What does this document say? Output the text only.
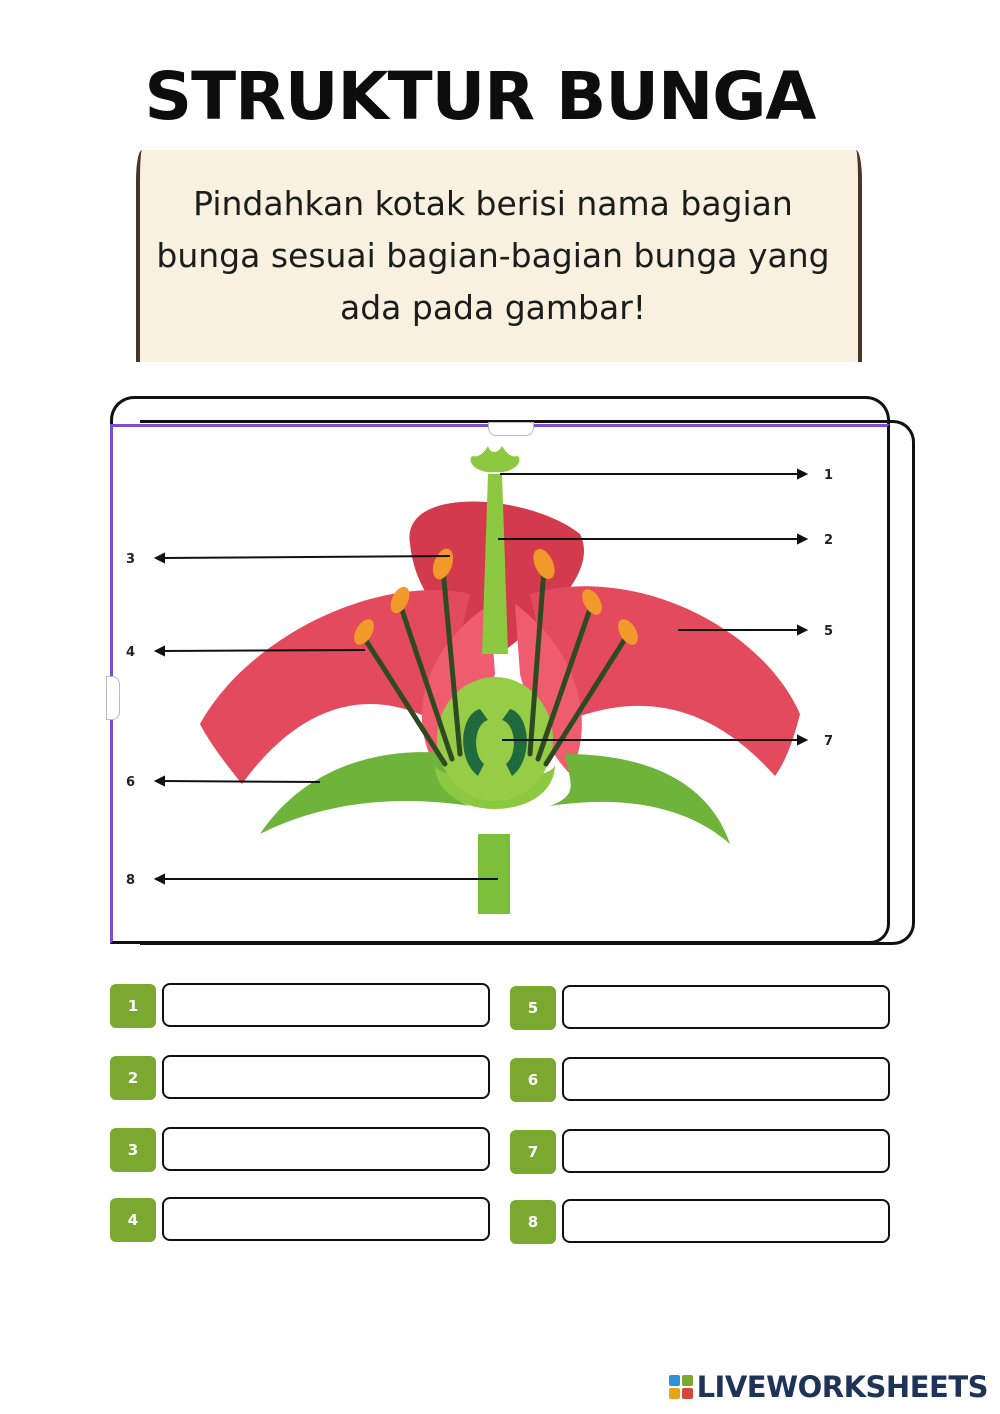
STRUKTUR BUNGA
Pindahkan kotak berisi nama bagian bunga sesuai bagian-bagian bunga yang ada pada gambar!
1
2
3
4
5
6
7
8
1
2
3
4
5
6
7
8
LIVEWORKSHEETS
